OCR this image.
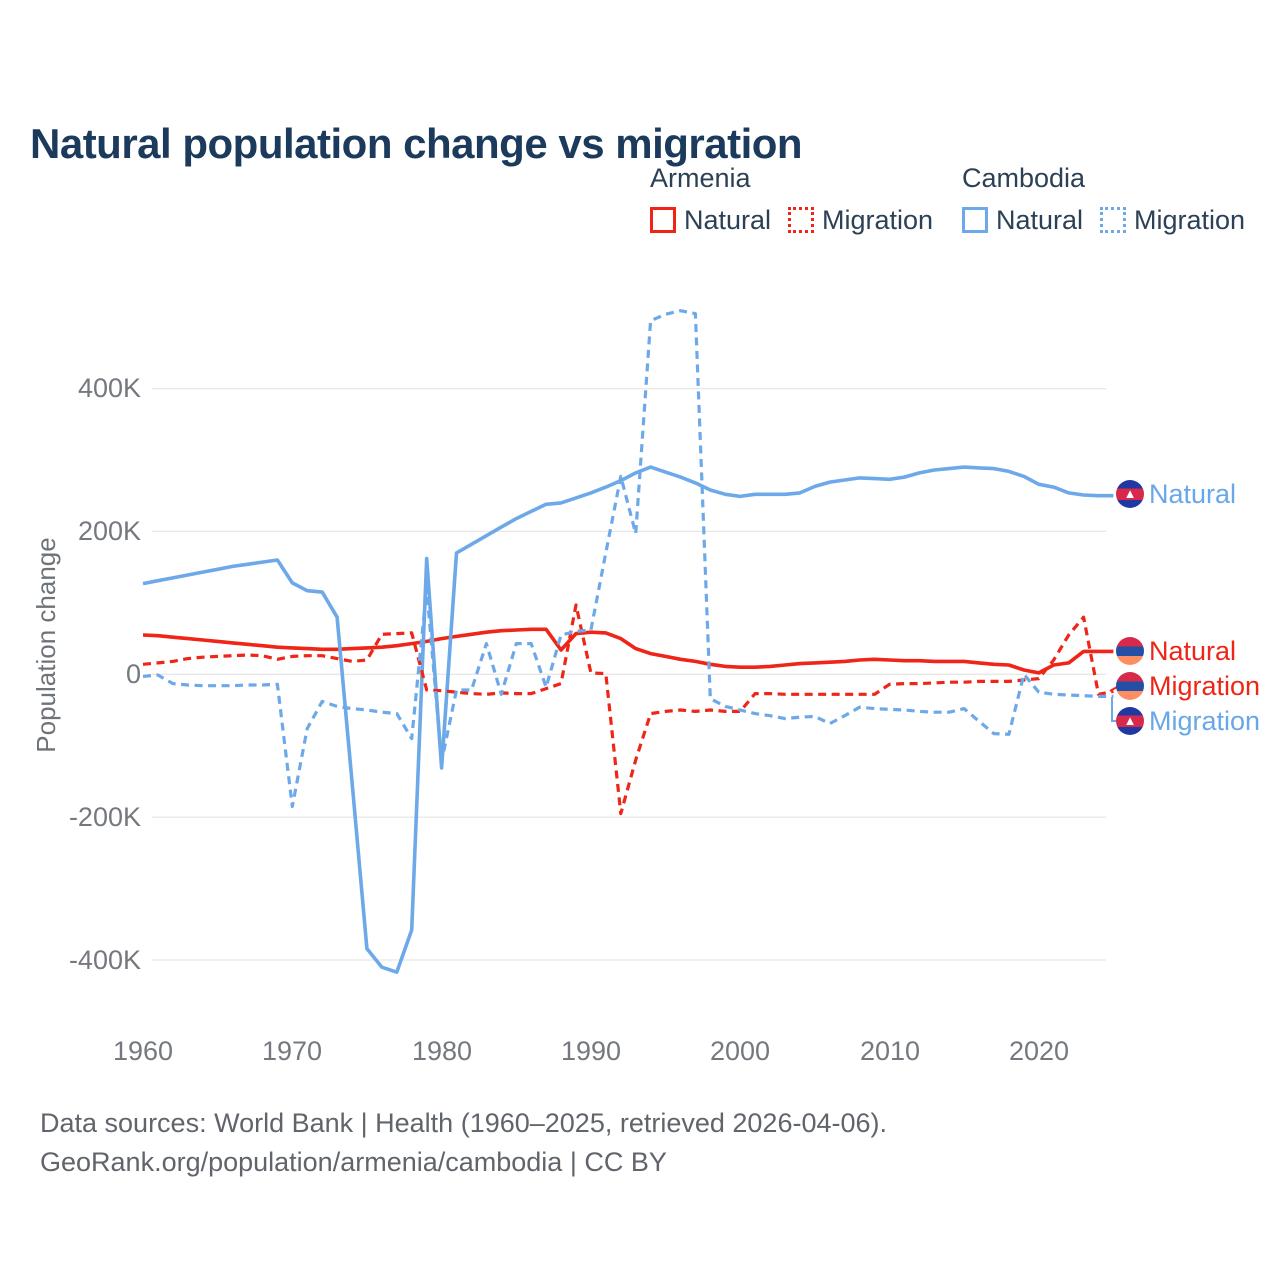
Natural population change vs migration
Armenia	Cambodia
Natural Migration Natural Migration
Population change
400K
200K
0
-200K
-400K
1960	1970	1980	1990	2000	2010	2020
▲ Natural
Natural
Migration
▲ Migration
Data sources: World Bank | Health (1960–2025, retrieved 2026-04-06).
GeoRank.org/population/armenia/cambodia | CC BY
